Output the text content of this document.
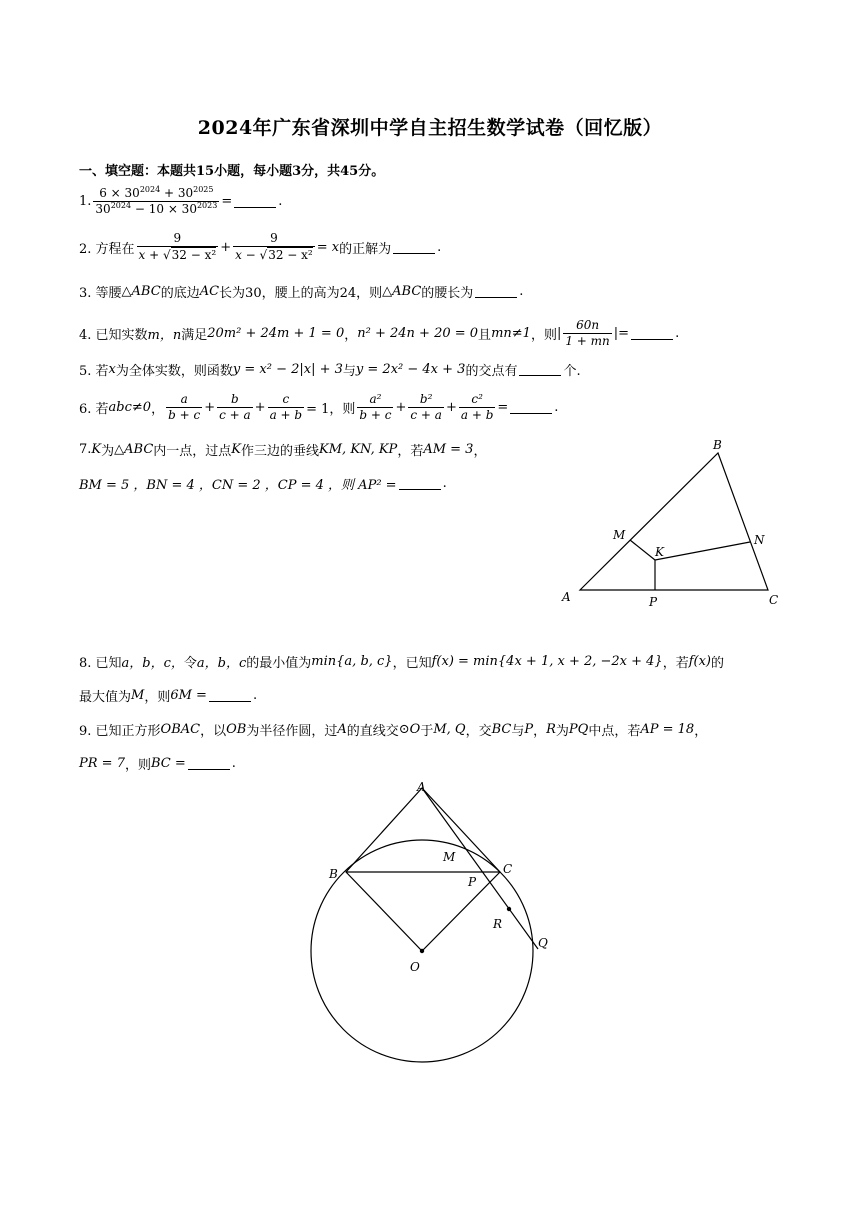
2024年广东省深圳中学自主招生数学试卷（回忆版）
一、填空题：本题共15小题，每小题3分，共45分。
1. $\frac{6 \times 30^{2024} + 30^{2025}}{30^{2024} - 10 \times 30^{2023}}$ =	.
2. 方程在 $\frac{9}{\text{x + √32 − x²}} + \frac{9}{\text{x − √32 − x²}} = x$ 的正解为	.
3. 等腰 △ABC 的底边 AC 长为30，腰上的高为24，则 △ABC 的腰长为	.
4. 已知实数 m，n 满足 20m² + 24m + 1 = 0 ， n² + 24n + 20 = 0 且 mn≠1 ，则 | $\frac{60n}{1 + mn}$ | =	.
5. 若 x 为全体实数，则函数 y = x² − 2|x| + 3 与 y = 2x² − 4x + 3 的交点有	个.
6. 若 abc≠0 ， $\frac{a}{b + c} + \frac{b}{c + a} + \frac{c}{a + b} = 1$，则 $\frac{\text{a²}}{b + c} + \frac{\text{b²}}{c + a} + \frac{\text{c²}}{a + b}$ =	.
7. K 为 △ABC 内一点，过点 K 作三边的垂线 KM, KN, KP ，若 AM = 3 ，
BM = 5 ，BN = 4 ，CN = 2 ，CP = 4 ，则 AP² =	.
A
B
C
M	N
K
P
8. 已知 a，b，c， 令 a，b，c 的最小值为 min{a, b, c} ，已知 f(x) = min{4x + 1, x + 2, −2x + 4} ，若 f(x) 的
最大值为 M ，则 6M =	.
9. 已知正方形 OBAC ，以 OB 为半径作圆，过 A 的直线交 ⊙O 于 M, Q ，交 BC 与 P ， R 为 PQ 中点，若 AP = 18 ，
PR = 7 ，则 BC =	.
A
B	C
M
P
R
Q
O
